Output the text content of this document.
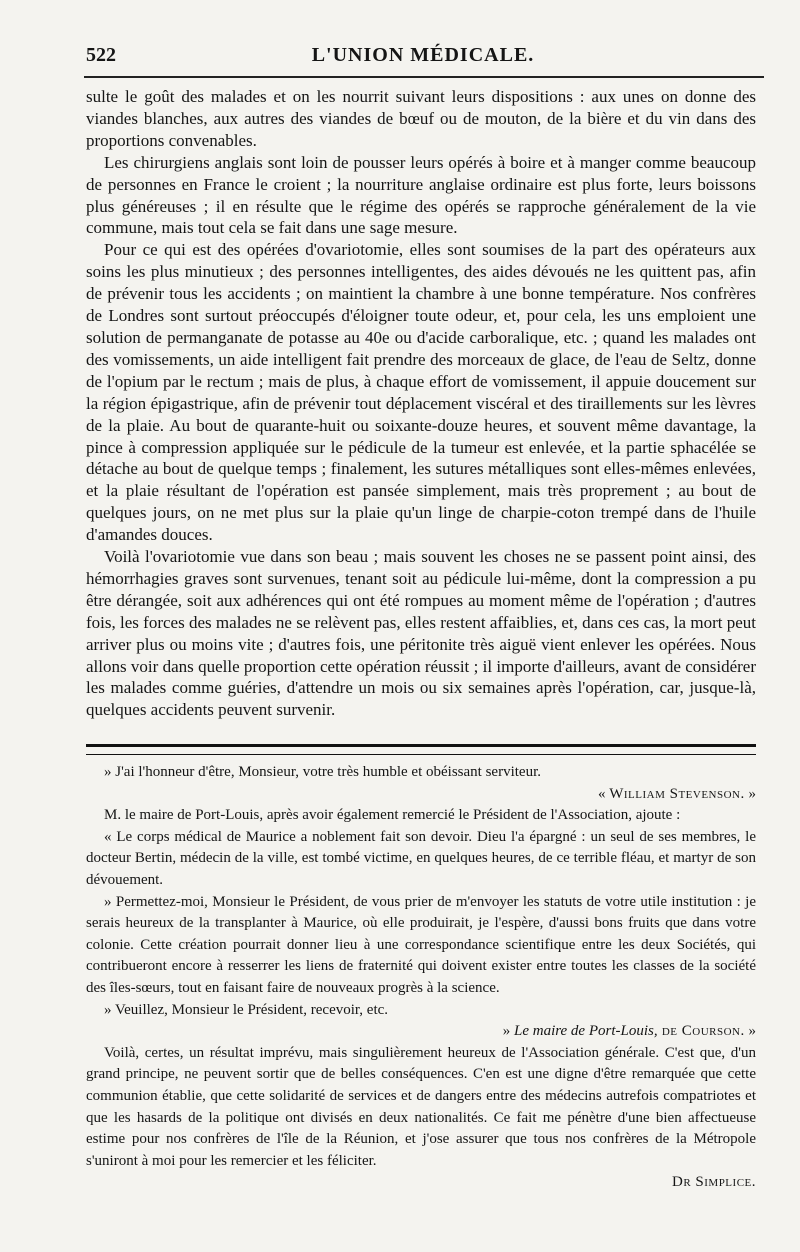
522	L'UNION MÉDICALE.

sulte le goût des malades et on les nourrit suivant leurs dispositions : aux unes on donne des viandes blanches, aux autres des viandes de bœuf ou de mouton, de la bière et du vin dans des proportions convenables.

Les chirurgiens anglais sont loin de pousser leurs opérés à boire et à manger comme beaucoup de personnes en France le croient ; la nourriture anglaise ordinaire est plus forte, leurs boissons plus généreuses ; il en résulte que le régime des opérés se rapproche généralement de la vie commune, mais tout cela se fait dans une sage mesure.

Pour ce qui est des opérées d'ovariotomie, elles sont soumises de la part des opérateurs aux soins les plus minutieux ; des personnes intelligentes, des aides dévoués ne les quittent pas, afin de prévenir tous les accidents ; on maintient la chambre à une bonne température. Nos confrères de Londres sont surtout préoccupés d'éloigner toute odeur, et, pour cela, les uns emploient une solution de permanganate de potasse au 40e ou d'acide carboralique, etc. ; quand les malades ont des vomissements, un aide intelligent fait prendre des morceaux de glace, de l'eau de Seltz, donne de l'opium par le rectum ; mais de plus, à chaque effort de vomissement, il appuie doucement sur la région épigastrique, afin de prévenir tout déplacement viscéral et des tiraillements sur les lèvres de la plaie. Au bout de quarante-huit ou soixante-douze heures, et souvent même davantage, la pince à compression appliquée sur le pédicule de la tumeur est enlevée, et la partie sphacélée se détache au bout de quelque temps ; finalement, les sutures métalliques sont elles-mêmes enlevées, et la plaie résultant de l'opération est pansée simplement, mais très proprement ; au bout de quelques jours, on ne met plus sur la plaie qu'un linge de charpie-coton trempé dans de l'huile d'amandes douces.

Voilà l'ovariotomie vue dans son beau ; mais souvent les choses ne se passent point ainsi, des hémorrhagies graves sont survenues, tenant soit au pédicule lui-même, dont la compression a pu être dérangée, soit aux adhérences qui ont été rompues au moment même de l'opération ; d'autres fois, les forces des malades ne se relèvent pas, elles restent affaiblies, et, dans ces cas, la mort peut arriver plus ou moins vite ; d'autres fois, une péritonite très aiguë vient enlever les opérées. Nous allons voir dans quelle proportion cette opération réussit ; il importe d'ailleurs, avant de considérer les malades comme guéries, d'attendre un mois ou six semaines après l'opération, car, jusque-là, quelques accidents peuvent survenir.

» J'ai l'honneur d'être, Monsieur, votre très humble et obéissant serviteur.

« William Stevenson. »

M. le maire de Port-Louis, après avoir également remercié le Président de l'Association, ajoute :

« Le corps médical de Maurice a noblement fait son devoir. Dieu l'a épargné : un seul de ses membres, le docteur Bertin, médecin de la ville, est tombé victime, en quelques heures, de ce terrible fléau, et martyr de son dévouement.

» Permettez-moi, Monsieur le Président, de vous prier de m'envoyer les statuts de votre utile institution : je serais heureux de la transplanter à Maurice, où elle produirait, je l'espère, d'aussi bons fruits que dans votre colonie. Cette création pourrait donner lieu à une correspondance scientifique entre les deux Sociétés, qui contribueront encore à resserrer les liens de fraternité qui doivent exister entre toutes les classes de la société des îles-sœurs, tout en faisant faire de nouveaux progrès à la science.

» Veuillez, Monsieur le Président, recevoir, etc.

» Le maire de Port-Louis, de Courson. »

Voilà, certes, un résultat imprévu, mais singulièrement heureux de l'Association générale. C'est que, d'un grand principe, ne peuvent sortir que de belles conséquences. C'en est une digne d'être remarquée que cette communion établie, que cette solidarité de services et de dangers entre des médecins autrefois compatriotes et que les hasards de la politique ont divisés en deux nationalités. Ce fait me pénètre d'une bien affectueuse estime pour nos confrères de l'île de la Réunion, et j'ose assurer que tous nos confrères de la Métropole s'uniront à moi pour les remercier et les féliciter.

Dr Simplice.
